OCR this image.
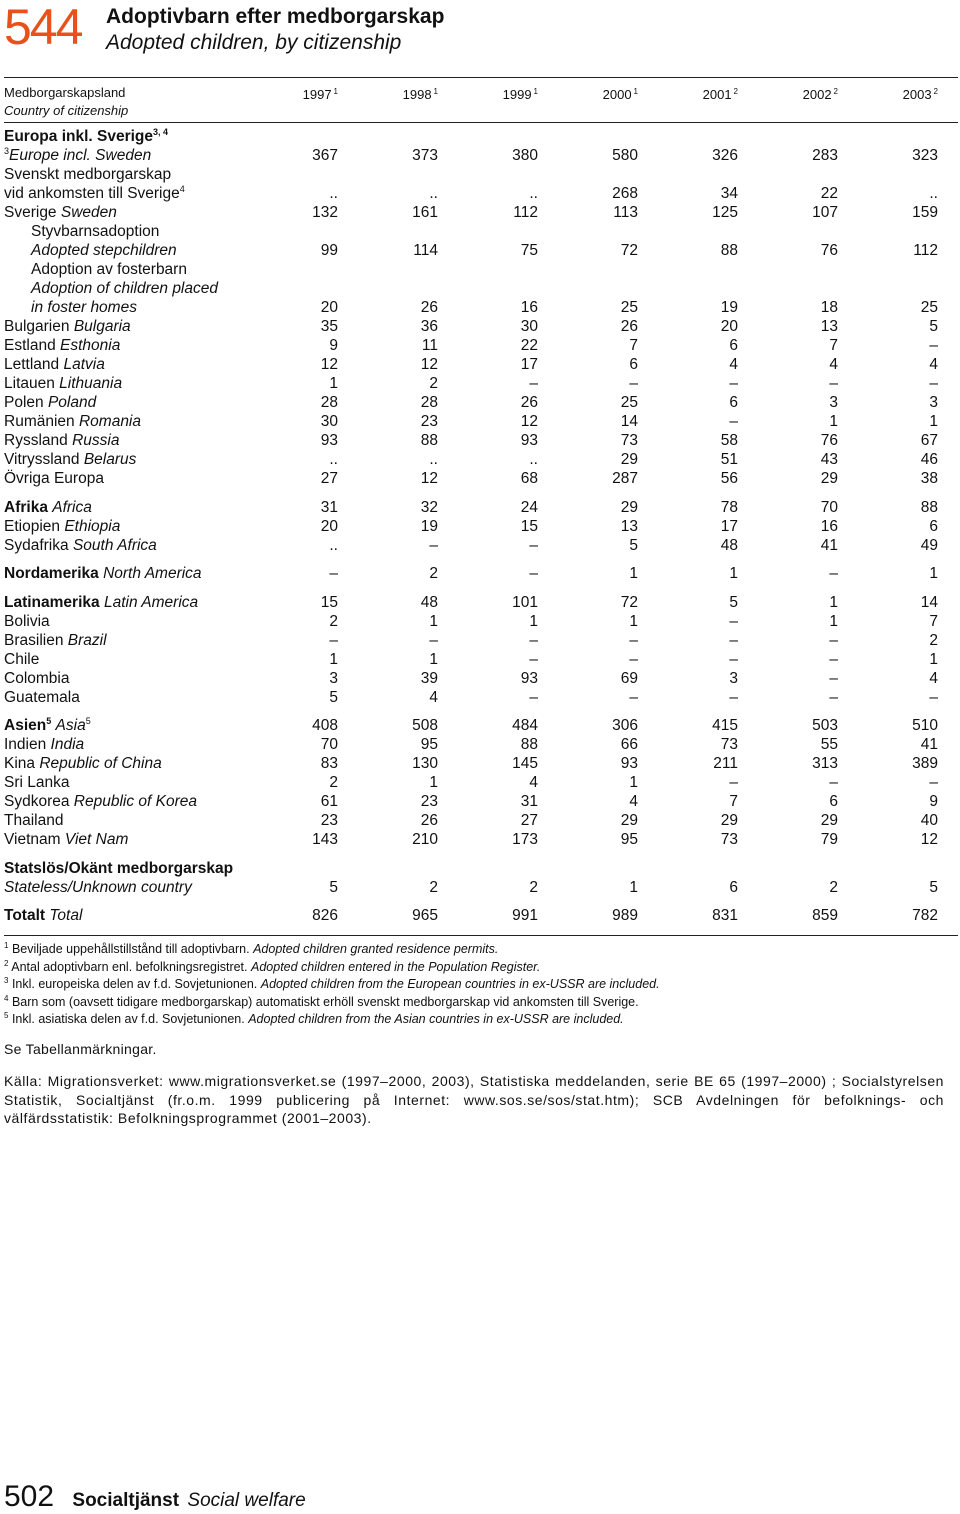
544 Adoptivbarn efter medborgarskap
Adopted children, by citizenship
Medborgarskapsland
Country of citizenship
1997 $^1$	1998 $^1$	1999 $^1$	2000 $^1$	2001 $^2$	2002 $^2$	2003 $^2$
Europa inkl. Sverige$^{3, 4}$
$^3$Europe incl. Sweden	367	373	380	580	326	283	323
Svenskt medborgarskap
vid ankomsten till Sverige$^4$	..	..	..	268	34	22	..
Sverige Sweden	132	161	112	113	125	107	159
Styvbarnsadoption
Adopted stepchildren	99	114	75	72	88	76	112
Adoption av fosterbarn
Adoption of children placed
in foster homes	20	26	16	25	19	18	25
Bulgarien Bulgaria	35	36	30	26	20	13	5
Estland Esthonia	9	11	22	7	6	7	–
Lettland Latvia	12	12	17	6	4	4	4
Litauen Lithuania	1	2	–	–	–	–	–
Polen Poland	28	28	26	25	6	3	3
Rumänien Romania	30	23	12	14	–	1	1
Ryssland Russia	93	88	93	73	58	76	67
Vitryssland Belarus	..	..	..	29	51	43	46
Övriga Europa	27	12	68	287	56	29	38
Afrika Africa	31	32	24	29	78	70	88
Etiopien Ethiopia	20	19	15	13	17	16	6
Sydafrika South Africa	..	–	–	5	48	41	49
Nordamerika North America	–	2	–	1	1	–	1
Latinamerika Latin America	15	48	101	72	5	1	14
Bolivia	2	1	1	1	–	1	7
Brasilien Brazil	–	–	–	–	–	–	2
Chile	1	1	–	–	–	–	1
Colombia	3	39	93	69	3	–	4
Guatemala	5	4	–	–	–	–	–
Asien$^5$ Asia$^5$	408	508	484	306	415	503	510
Indien India	70	95	88	66	73	55	41
Kina Republic of China	83	130	145	93	211	313	389
Sri Lanka	2	1	4	1	–	–	–
Sydkorea Republic of Korea	61	23	31	4	7	6	9
Thailand	23	26	27	29	29	29	40
Vietnam Viet Nam	143	210	173	95	73	79	12
Statslös/Okänt medborgarskap
Stateless/Unknown country	5	2	2	1	6	2	5
Totalt Total	826	965	991	989	831	859	782
$^1$ Beviljade uppehållstillstånd till adoptivbarn. Adopted children granted residence permits.
$^2$ Antal adoptivbarn enl. befolkningsregistret. Adopted children entered in the Population Register.
$^3$ Inkl. europeiska delen av f.d. Sovjetunionen. Adopted children from the European countries in ex-USSR are included.
$^4$ Barn som (oavsett tidigare medborgarskap) automatiskt erhöll svenskt medborgarskap vid ankomsten till Sverige.
$^5$ Inkl. asiatiska delen av f.d. Sovjetunionen. Adopted children from the Asian countries in ex-USSR are included.
Se Tabellanmärkningar.
Källa: Migrationsverket: www.migrationsverket.se (1997–2000, 2003), Statistiska meddelanden, serie BE 65 (1997–2000) ; Socialstyrelsen Statistik, Socialtjänst (fr.o.m. 1999 publicering på Internet: www.sos.se/sos/stat.htm); SCB Avdelningen för befolknings- och välfärdsstatistik: Befolkningsprogrammet (2001–2003).
502 Socialtjänst Social welfare
